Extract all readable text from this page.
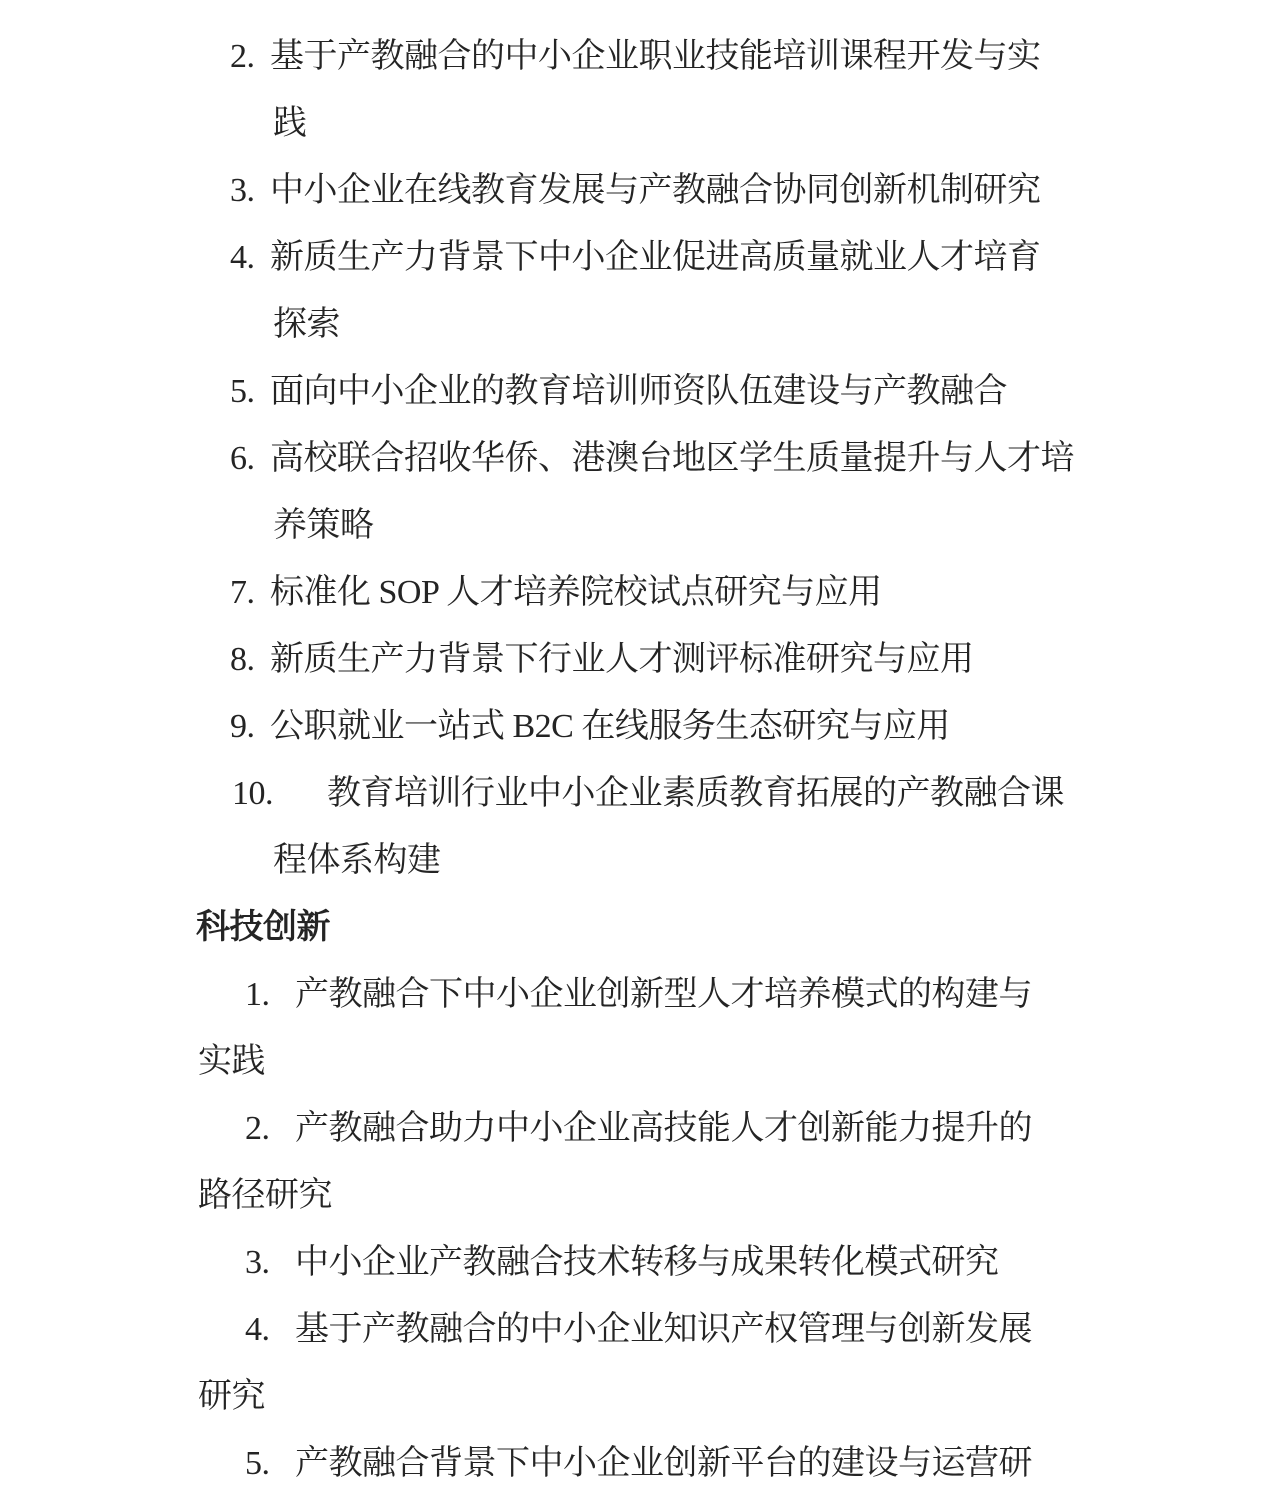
2. 基于产教融合的中小企业职业技能培训课程开发与实
践
3. 中小企业在线教育发展与产教融合协同创新机制研究
4. 新质生产力背景下中小企业促进高质量就业人才培育
探索
5. 面向中小企业的教育培训师资队伍建设与产教融合
6. 高校联合招收华侨、港澳台地区学生质量提升与人才培
养策略
7. 标准化 SOP 人才培养院校试点研究与应用
8. 新质生产力背景下行业人才测评标准研究与应用
9. 公职就业一站式 B2C 在线服务生态研究与应用
10.	教育培训行业中小企业素质教育拓展的产教融合课
程体系构建
科技创新
1. 产教融合下中小企业创新型人才培养模式的构建与
实践
2. 产教融合助力中小企业高技能人才创新能力提升的
路径研究
3. 中小企业产教融合技术转移与成果转化模式研究
4. 基于产教融合的中小企业知识产权管理与创新发展
研究
5. 产教融合背景下中小企业创新平台的建设与运营研
